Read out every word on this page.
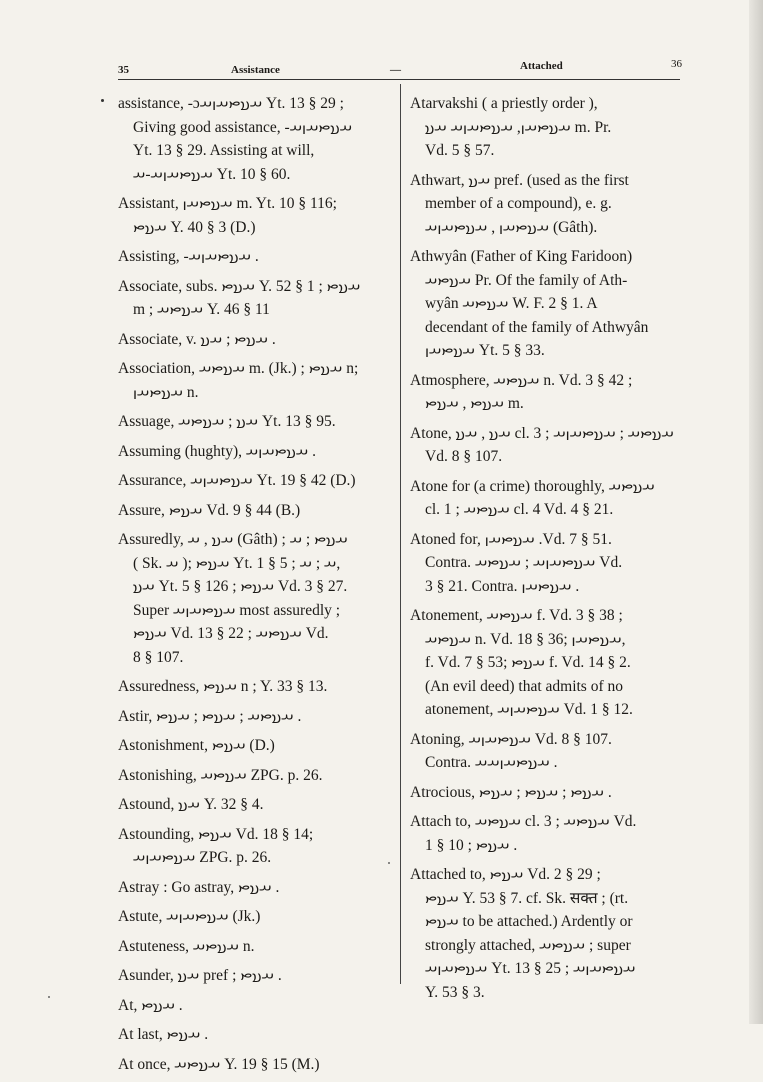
35	Assistance	—	Attached	36
assistance, -ɔ𐬀𐬯𐬙𐬀𐬥𐬀 Yt. 13 § 29 ;
Giving good assistance, -𐬀𐬯𐬙𐬀𐬥𐬀
Yt. 13 § 29. Assisting at will,
𐬀𐬯𐬙𐬀𐬥𐬀-𐬀 Yt. 10 § 60.
Assistant, 𐬀𐬯𐬙𐬀𐬥 m. Yt. 10 § 116;
𐬀𐬯𐬙 Y. 40 § 3 (D.)
Assisting, -𐬀𐬯𐬙𐬀𐬥𐬀 .
Associate, subs. 𐬀𐬯𐬙 Y. 52 § 1 ; 𐬀𐬯𐬙
m ; 𐬀𐬯𐬙𐬀 Y. 46 § 11
Associate, v. 𐬀𐬯𐬙 ; 𐬀𐬯 .
Association, 𐬀𐬯𐬙𐬀 m. (Jk.) ; 𐬀𐬯𐬙 n;
𐬀𐬯𐬙𐬀𐬥 n.
Assuage, 𐬀𐬯 ; 𐬀𐬯𐬙𐬀 Yt. 13 § 95.
Assuming (hughty), 𐬀𐬯𐬙𐬀𐬥𐬀 .
Assurance, 𐬀𐬯𐬙𐬀𐬥𐬀 Yt. 19 § 42 (D.)
Assure, 𐬀𐬯𐬙 Vd. 9 § 44 (B.)
Assuredly, 𐬀𐬯 , 𐬀 (Gâth) ; 𐬀𐬯𐬙 ; 𐬀
( Sk. 𐬀 ); 𐬀𐬯𐬙 Yt. 1 § 5 ; 𐬀 ; 𐬀,
𐬀𐬯 Yt. 5 § 126 ; 𐬀𐬯𐬙 Vd. 3 § 27.
Super 𐬀𐬯𐬙𐬀𐬥𐬀 most assuredly ;
𐬀𐬯𐬙 Vd. 13 § 22 ; 𐬀𐬯𐬙𐬀 Vd.
8 § 107.
Assuredness, 𐬀𐬯𐬙 n ; Y. 33 § 13.
Astir, 𐬀𐬯𐬙𐬀 ; 𐬀𐬯𐬙 ; 𐬀𐬯𐬙 .
Astonishment, 𐬀𐬯𐬙 (D.)
Astonishing, 𐬀𐬯𐬙𐬀 ZPG. p. 26.
Astound, 𐬀𐬯 Y. 32 § 4.
Astounding, 𐬀𐬯𐬙 Vd. 18 § 14;
𐬀𐬯𐬙𐬀𐬥𐬀 ZPG. p. 26.
Astray : Go astray, 𐬀𐬯𐬙 .
Astute, 𐬀𐬯𐬙𐬀𐬥𐬀 (Jk.)
Astuteness, 𐬀𐬯𐬙𐬀 n.
Asunder, 𐬀𐬯 pref ; 𐬀𐬯𐬙 .
At, 𐬀𐬯𐬙 .
At last, 𐬀𐬯𐬙 .
At once, 𐬀𐬯𐬙𐬀 Y. 19 § 15 (M.)
Atarvakshi ( a priestly order ),
𐬀𐬯𐬙𐬀𐬥, 𐬀𐬯𐬙𐬀𐬥𐬀 𐬀𐬯 m. Pr.
Vd. 5 § 57.
Athwart, 𐬀𐬯 pref. (used as the first
member of a compound), e. g.
𐬀𐬯𐬙𐬀𐬥 , 𐬀𐬯𐬙𐬀𐬥𐬀 (Gâth).
Athwyân (Father of King Faridoon)
𐬀𐬯𐬙𐬀 Pr. Of the family of Ath-
wyân 𐬀𐬯𐬙𐬀 W. F. 2 § 1. A
decendant of the family of Athwyân
𐬀𐬯𐬙𐬀𐬥 Yt. 5 § 33.
Atmosphere, 𐬀𐬯𐬙𐬀 n. Vd. 3 § 42 ;
𐬀𐬯𐬙 , 𐬀𐬯𐬙 m.
Atone, 𐬀𐬯 , 𐬀𐬯 cl. 3 ; 𐬀𐬯𐬙𐬀 ; 𐬀𐬯𐬙𐬀𐬥𐬀
Vd. 8 § 107.
Atone for (a crime) thoroughly, 𐬀𐬯𐬙𐬀
cl. 1 ; 𐬀𐬯𐬙𐬀 cl. 4 Vd. 4 § 21.
Atoned for, 𐬀𐬯𐬙𐬀𐬥 .Vd. 7 § 51.
Contra. 𐬀𐬯𐬙𐬀𐬥𐬀 ; 𐬀𐬯𐬙𐬀 Vd.
3 § 21. Contra. 𐬀𐬯𐬙𐬀𐬥 .
Atonement, 𐬀𐬯𐬙𐬀 f. Vd. 3 § 38 ;
𐬀𐬯𐬙𐬀 n. Vd. 18 § 36; 𐬀𐬯𐬙𐬀𐬥,
f. Vd. 7 § 53; 𐬀𐬯𐬙 f. Vd. 14 § 2.
(An evil deed) that admits of no
atonement, 𐬀𐬯𐬙𐬀𐬥𐬀 Vd. 1 § 12.
Atoning, 𐬀𐬯𐬙𐬀𐬥𐬀 Vd. 8 § 107.
Contra. 𐬀𐬯𐬙𐬀𐬥𐬀𐬀 .
Atrocious, 𐬀𐬯𐬙 ; 𐬀𐬯𐬙 ; 𐬀𐬯𐬙 .
Attach to, 𐬀𐬯𐬙𐬀 cl. 3 ; 𐬀𐬯𐬙𐬀 Vd.
1 § 10 ; 𐬀𐬯𐬙 .
Attached to, 𐬀𐬯𐬙 Vd. 2 § 29 ;
𐬀𐬯𐬙 Y. 53 § 7. cf. Sk. सक्त ; (rt.
𐬀𐬯𐬙 to be attached.) Ardently or
strongly attached, 𐬀𐬯𐬙𐬀 ; super
𐬀𐬯𐬙𐬀𐬥𐬀 Yt. 13 § 25 ; 𐬀𐬯𐬙𐬀𐬥𐬀
Y. 53 § 3.
